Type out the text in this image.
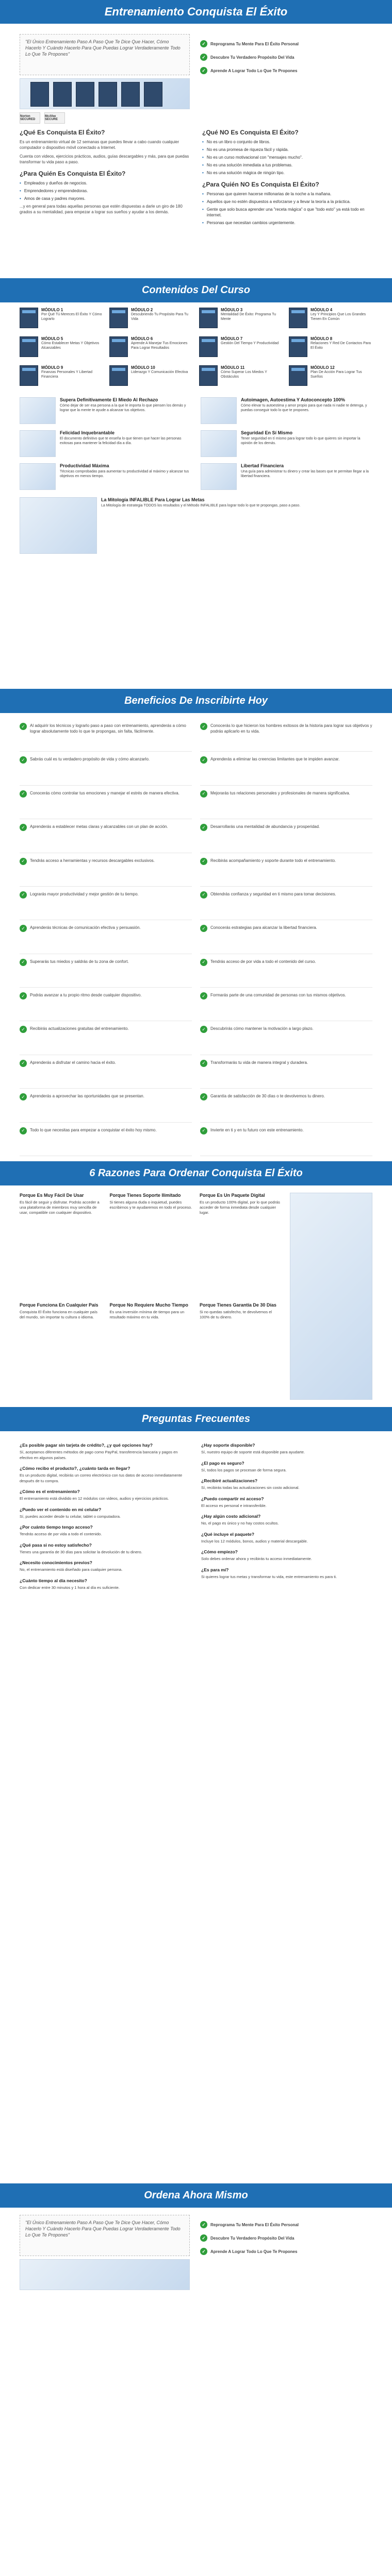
Entrenamiento Conquista El Éxito
"El Único Entrenamiento Paso A Paso Que Te Dice Que Hacer, Cómo Hacerlo Y Cuándo Hacerlo Para Que Puedas Lograr Verdaderamente Todo Lo Que Te Propones"
✓	Reprograma Tu Mente Para El Éxito Personal
✓	Descubre Tu Verdadero Propósito Del Vida
✓	Aprende A Lograr Todo Lo Que Te Propones
Norton SECURED
McAfee SECURE
¿Qué Es Conquista El Éxito?

Es un entrenamiento virtual de 12 semanas que puedes llevar a cabo cuando cualquier computador o dispositivo móvil conectado a Internet.

Cuenta con videos, ejercicios prácticos, audios, guías descargables y más, para que puedas transformar tu vida paso a paso.

¿Para Quién Es Conquista El Éxito?
• Empleados y dueños de negocios.
• Emprendedores y emprendedoras.
• Amos de casa y padres mayores.

...y en general para todas aquellas personas que estén dispuestas a darle un giro de 180 grados a su mentalidad, para empezar a lograr sus sueños y ayudar a los demás.

¿Qué NO Es Conquista El Éxito?
• No es un libro o conjunto de libros.
• No es una promesa de riqueza fácil y rápida.
• No es un curso motivacional con "mensajes mucho".
• No es una solución inmediata a tus problemas.
• No es una solución mágica de ningún tipo.
¿Para Quién NO Es Conquista El Éxito?
• Personas que quieren hacerse millonarias de la noche a la mañana.
• Aquellos que no estén dispuestos a esforzarse y a llevar la teoría a la práctica.
• Gente que solo busca aprender una "receta mágica" o que "todo esto" ya está todo en internet.
• Personas que necesitan cambios urgentemente.
Contenidos Del Curso
MÓDULO 1
Por Qué Tú Mereces El Éxito Y Cómo Lograrlo
MÓDULO 2
Descubriendo Tu Propósito Para Tu Vida
MÓDULO 3
Mentalidad De Éxito: Programa Tu Mente
MÓDULO 4
Ley Y Principios Que Los Grandes Tienen En Común
MÓDULO 5
Cómo Establecer Metas Y Objetivos Alcanzables
MÓDULO 6
Aprende A Manejar Tus Emociones Para Lograr Resultados
MÓDULO 7
Gestión Del Tiempo Y Productividad
MÓDULO 8
Relaciones Y Red De Contactos Para El Éxito
MÓDULO 9
Finanzas Personales Y Libertad Financiera
MÓDULO 10
Liderazgo Y Comunicación Efectiva
MÓDULO 11
Cómo Superar Los Miedos Y Obstáculos
MÓDULO 12
Plan De Acción Para Lograr Tus Sueños
Supera Definitivamente El Miedo Al Rechazo
Cómo dejar de ser esa persona a la que le importa lo que piensen los demás y lograr que la mente te ayude a alcanzar tus objetivos.
Autoimagen, Autoestima Y Autoconcepto 100%
Cómo elevar tu autoestima y amor propio para que nada ni nadie te detenga, y puedas conseguir todo lo que te propones.
Felicidad Inquebrantable
El documento definitivo que te enseña lo que tienen que hacer las personas exitosas para mantener la felicidad día a día.
Seguridad En Sí Mismo
Tener seguridad en tí mismo para lograr todo lo que quieres sin importar la opinión de los demás.
Productividad Máxima
Técnicas comprobadas para aumentar tu productividad al máximo y alcanzar tus objetivos en menos tiempo.
Libertad Financiera
Una guía para administrar tu dinero y crear las bases que te permitan llegar a la libertad financiera.
La Mitología INFALIBLE Para Lograr Las Metas
La Mitología de estrategia TODOS los resultados y el Método INFALIBLE para lograr todo lo que te propongas, paso a paso.
Beneficios De Inscribirte Hoy
✓	Al adquirir los técnicos y lograrlo paso a paso con entrenamiento, aprenderás a cómo lograr absolutamente todo lo que te propongas, sin falta, fácilmente.
✓	Conocerás lo que hicieron los hombres exitosos de la historia para lograr sus objetivos y podrás aplicarlo en tu vida.
✓	Sabrás cuál es tu verdadero propósito de vida y cómo alcanzarlo.	✓	Aprenderás a eliminar las creencias limitantes que te impiden avanzar.
✓	Conocerás cómo controlar tus emociones y manejar el estrés de manera efectiva.	✓	Mejorarás tus relaciones personales y profesionales de manera significativa.
✓	Aprenderás a establecer metas claras y alcanzables con un plan de acción.	✓	Desarrollarás una mentalidad de abundancia y prosperidad.
✓	Tendrás acceso a herramientas y recursos descargables exclusivos.	✓	Recibirás acompañamiento y soporte durante todo el entrenamiento.
✓	Lograrás mayor productividad y mejor gestión de tu tiempo.	✓	Obtendrás confianza y seguridad en ti mismo para tomar decisiones.
✓	Aprenderás técnicas de comunicación efectiva y persuasión.	✓	Conocerás estrategias para alcanzar la libertad financiera.
✓	Superarás tus miedos y saldrás de tu zona de confort.	✓	Tendrás acceso de por vida a todo el contenido del curso.
✓	Podrás avanzar a tu propio ritmo desde cualquier dispositivo.	✓	Formarás parte de una comunidad de personas con tus mismos objetivos.
✓	Recibirás actualizaciones gratuitas del entrenamiento.	✓	Descubrirás cómo mantener la motivación a largo plazo.
✓	Aprenderás a disfrutar el camino hacia el éxito.	✓	Transformarás tu vida de manera integral y duradera.
✓	Aprenderás a aprovechar las oportunidades que se presentan.	✓	Garantía de satisfacción de 30 días o te devolvemos tu dinero.
✓	Todo lo que necesitas para empezar a conquistar el éxito hoy mismo.	✓	Invierte en ti y en tu futuro con este entrenamiento.
6 Razones Para Ordenar Conquista El Éxito
Porque Es Muy Fácil De Usar
Es fácil de seguir y disfrutar. Podrás acceder a una plataforma de miembros muy sencilla de usar, compatible con cualquier dispositivo.
Porque Tienes Soporte Ilimitado
Si tienes alguna duda o inquietud, puedes escribirnos y te ayudaremos en todo el proceso.
Porque Es Un Paquete Digital
Es un producto 100% digital, por lo que podrás acceder de forma inmediata desde cualquier lugar.
Porque Funciona En Cualquier País
Conquista El Éxito funciona en cualquier país del mundo, sin importar tu cultura o idioma.
Porque No Requiere Mucho Tiempo
Es una inversión mínima de tiempo para un resultado máximo en tu vida.
Porque Tienes Garantía De 30 Días
Si no quedas satisfecho, te devolvemos el 100% de tu dinero.
Preguntas Frecuentes
¿Es posible pagar sin tarjeta de crédito?, ¿y qué opciones hay?
Sí, aceptamos diferentes métodos de pago como PayPal, transferencia bancaria y pagos en efectivo en algunos países.
¿Cómo recibo el producto?, ¿cuánto tarda en llegar?
Es un producto digital, recibirás un correo electrónico con tus datos de acceso inmediatamente después de tu compra.
¿Cómo es el entrenamiento?
El entrenamiento está dividido en 12 módulos con videos, audios y ejercicios prácticos.
¿Puedo ver el contenido en mi celular?
Sí, puedes acceder desde tu celular, tablet o computadora.
¿Por cuánto tiempo tengo acceso?
Tendrás acceso de por vida a todo el contenido.
¿Qué pasa si no estoy satisfecho?
Tienes una garantía de 30 días para solicitar la devolución de tu dinero.
¿Necesito conocimientos previos?
No, el entrenamiento está diseñado para cualquier persona.
¿Cuánto tiempo al día necesito?
Con dedicar entre 30 minutos y 1 hora al día es suficiente.
¿Hay soporte disponible?
Sí, nuestro equipo de soporte está disponible para ayudarte.
¿El pago es seguro?
Sí, todos los pagos se procesan de forma segura.
¿Recibiré actualizaciones?
Sí, recibirás todas las actualizaciones sin costo adicional.
¿Puedo compartir mi acceso?
El acceso es personal e intransferible.
¿Hay algún costo adicional?
No, el pago es único y no hay costos ocultos.
¿Qué incluye el paquete?
Incluye los 12 módulos, bonos, audios y material descargable.
¿Cómo empiezo?
Solo debes ordenar ahora y recibirás tu acceso inmediatamente.
¿Es para mí?
Si quieres lograr tus metas y transformar tu vida, este entrenamiento es para ti.
Ordena Ahora Mismo
"El Único Entrenamiento Paso A Paso Que Te Dice Que Hacer, Cómo Hacerlo Y Cuándo Hacerlo Para Que Puedas Lograr Verdaderamente Todo Lo Que Te Propones"
✓	Reprograma Tu Mente Para El Éxito Personal
✓	Descubre Tu Verdadero Propósito Del Vida
✓	Aprende A Lograr Todo Lo Que Te Propones
